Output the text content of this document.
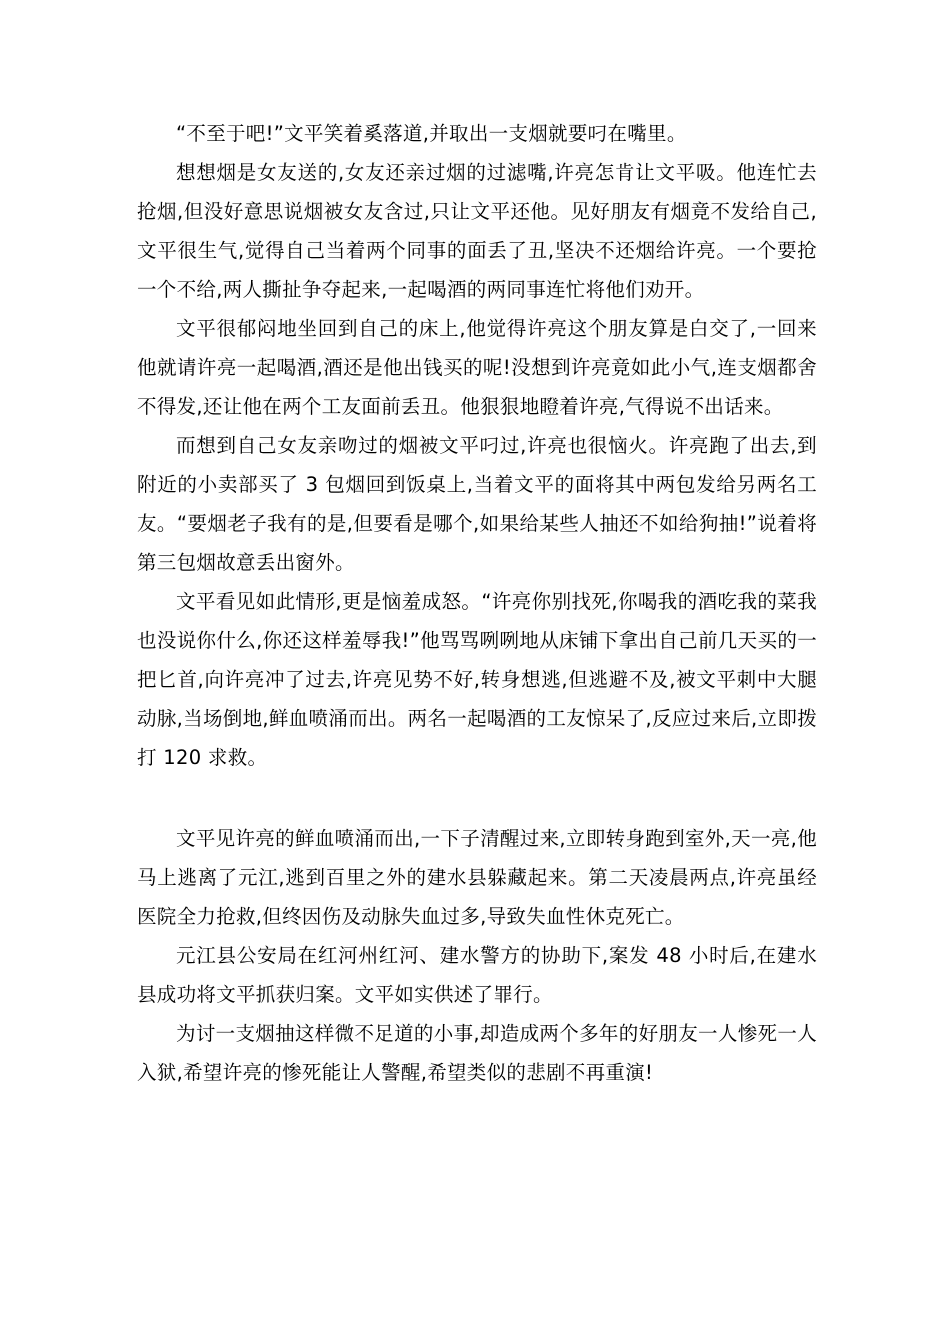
“不至于吧!”文平笑着奚落道,并取出一支烟就要叼在嘴里。

想想烟是女友送的,女友还亲过烟的过滤嘴,许亮怎肯让文平吸。他连忙去抢烟,但没好意思说烟被女友含过,只让文平还他。见好朋友有烟竟不发给自己,文平很生气,觉得自己当着两个同事的面丢了丑,坚决不还烟给许亮。一个要抢一个不给,两人撕扯争夺起来,一起喝酒的两同事连忙将他们劝开。

文平很郁闷地坐回到自己的床上,他觉得许亮这个朋友算是白交了,一回来他就请许亮一起喝酒,酒还是他出钱买的呢!没想到许亮竟如此小气,连支烟都舍不得发,还让他在两个工友面前丢丑。他狠狠地瞪着许亮,气得说不出话来。

而想到自己女友亲吻过的烟被文平叼过,许亮也很恼火。许亮跑了出去,到附近的小卖部买了 3 包烟回到饭桌上,当着文平的面将其中两包发给另两名工友。“要烟老子我有的是,但要看是哪个,如果给某些人抽还不如给狗抽!”说着将第三包烟故意丢出窗外。

文平看见如此情形,更是恼羞成怒。“许亮你别找死,你喝我的酒吃我的菜我也没说你什么,你还这样羞辱我!”他骂骂咧咧地从床铺下拿出自己前几天买的一把匕首,向许亮冲了过去,许亮见势不好,转身想逃,但逃避不及,被文平刺中大腿动脉,当场倒地,鲜血喷涌而出。两名一起喝酒的工友惊呆了,反应过来后,立即拨打 120 求救。

文平见许亮的鲜血喷涌而出,一下子清醒过来,立即转身跑到室外,天一亮,他马上逃离了元江,逃到百里之外的建水县躲藏起来。第二天凌晨两点,许亮虽经医院全力抢救,但终因伤及动脉失血过多,导致失血性休克死亡。

元江县公安局在红河州红河、建水警方的协助下,案发 48 小时后,在建水县成功将文平抓获归案。文平如实供述了罪行。

为讨一支烟抽这样微不足道的小事,却造成两个多年的好朋友一人惨死一人入狱,希望许亮的惨死能让人警醒,希望类似的悲剧不再重演!
